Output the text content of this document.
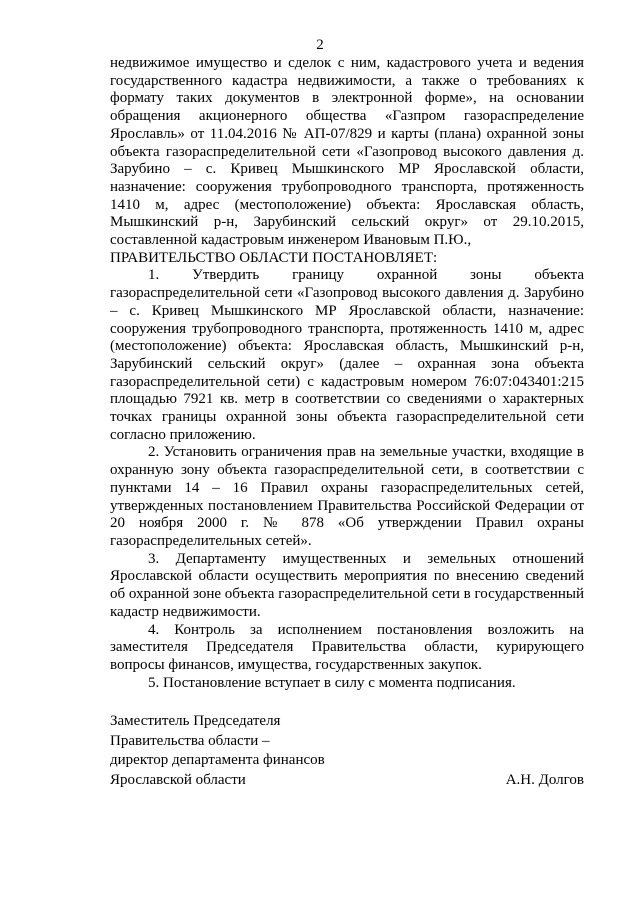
2

недвижимое имущество и сделок с ним, кадастрового учета и ведения государственного кадастра недвижимости, а также о требованиях к формату таких документов в электронной форме», на основании обращения акционерного общества «Газпром газораспределение Ярославль» от 11.04.2016 № АП-07/829 и карты (плана) охранной зоны объекта газораспределительной сети «Газопровод высокого давления д. Зарубино – с. Кривец Мышкинского МР Ярославской области, назначение: сооружения трубопроводного транспорта, протяженность 1410 м, адрес (местоположение) объекта: Ярославская область, Мышкинский р-н, Зарубинский сельский округ» от 29.10.2015, составленной кадастровым инженером Ивановым П.Ю.,

ПРАВИТЕЛЬСТВО ОБЛАСТИ ПОСТАНОВЛЯЕТ:

1. Утвердить границу охранной зоны объекта газораспределительной сети «Газопровод высокого давления д. Зарубино – с. Кривец Мышкинского МР Ярославской области, назначение: сооружения трубопроводного транспорта, протяженность 1410 м, адрес (местоположение) объекта: Ярославская область, Мышкинский р-н, Зарубинский сельский округ» (далее – охранная зона объекта газораспределительной сети) с кадастровым номером 76:07:043401:215 площадью 7921 кв. метр в соответствии со сведениями о характерных точках границы охранной зоны объекта газораспределительной сети согласно приложению.

2. Установить ограничения прав на земельные участки, входящие в охранную зону объекта газораспределительной сети, в соответствии с пунктами 14 – 16 Правил охраны газораспределительных сетей, утвержденных постановлением Правительства Российской Федерации от 20 ноября 2000 г. № 878 «Об утверждении Правил охраны газораспределительных сетей».

3. Департаменту имущественных и земельных отношений Ярославской области осуществить мероприятия по внесению сведений об охранной зоне объекта газораспределительной сети в государственный кадастр недвижимости.

4. Контроль за исполнением постановления возложить на заместителя Председателя Правительства области, курирующего вопросы финансов, имущества, государственных закупок.

5. Постановление вступает в силу с момента подписания.

Заместитель Председателя
Правительства области –
директор департамента финансов
Ярославской области	А.Н. Долгов
